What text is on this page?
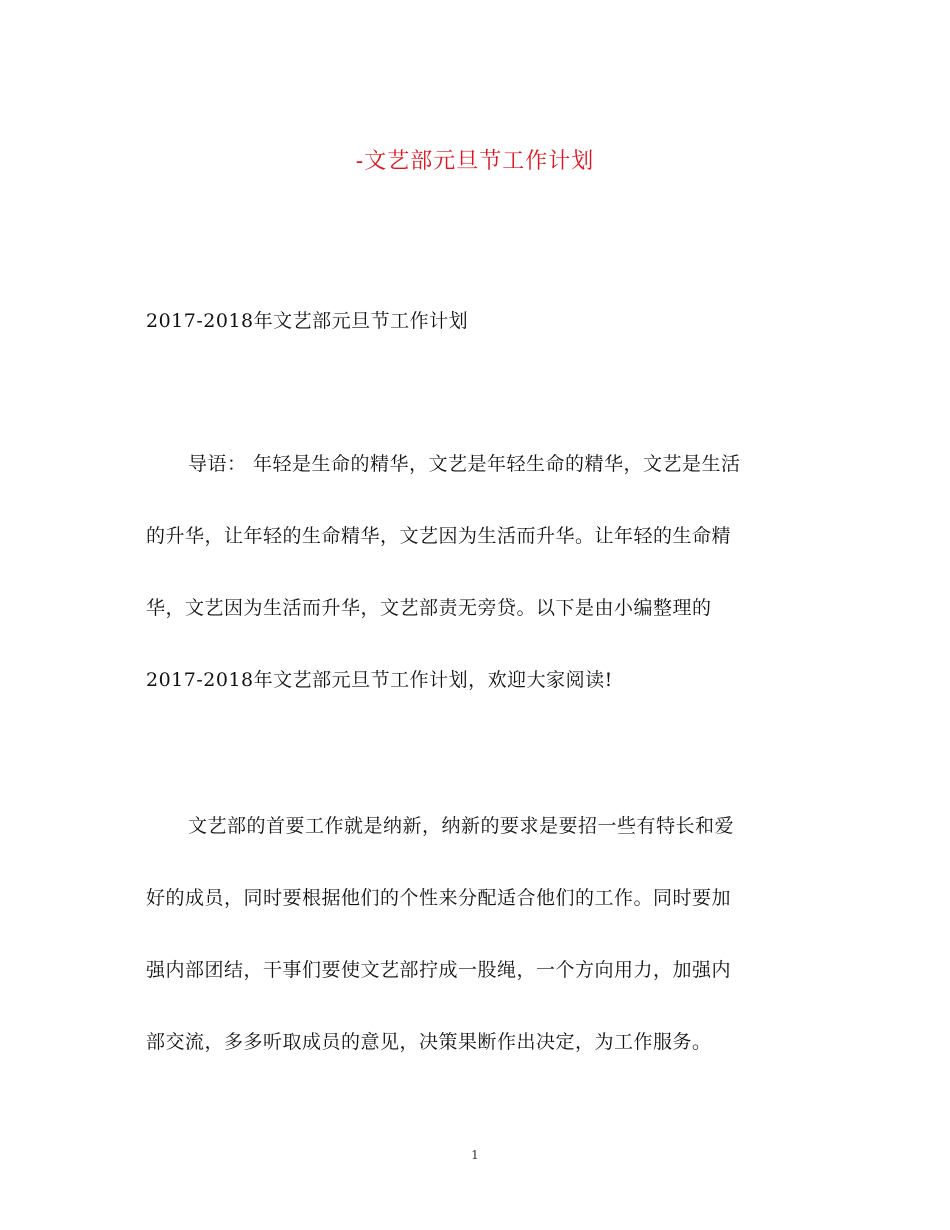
-文艺部元旦节工作计划
2017-2018年文艺部元旦节工作计划
导语： 年轻是生命的精华，文艺是年轻生命的精华，文艺是生活
的升华，让年轻的生命精华，文艺因为生活而升华。让年轻的生命精
华，文艺因为生活而升华，文艺部责无旁贷。以下是由小编整理的
2017-2018年文艺部元旦节工作计划，欢迎大家阅读!
文艺部的首要工作就是纳新，纳新的要求是要招一些有特长和爱
好的成员，同时要根据他们的个性来分配适合他们的工作。同时要加
强内部团结，干事们要使文艺部拧成一股绳，一个方向用力，加强内
部交流，多多听取成员的意见，决策果断作出决定，为工作服务。
1
